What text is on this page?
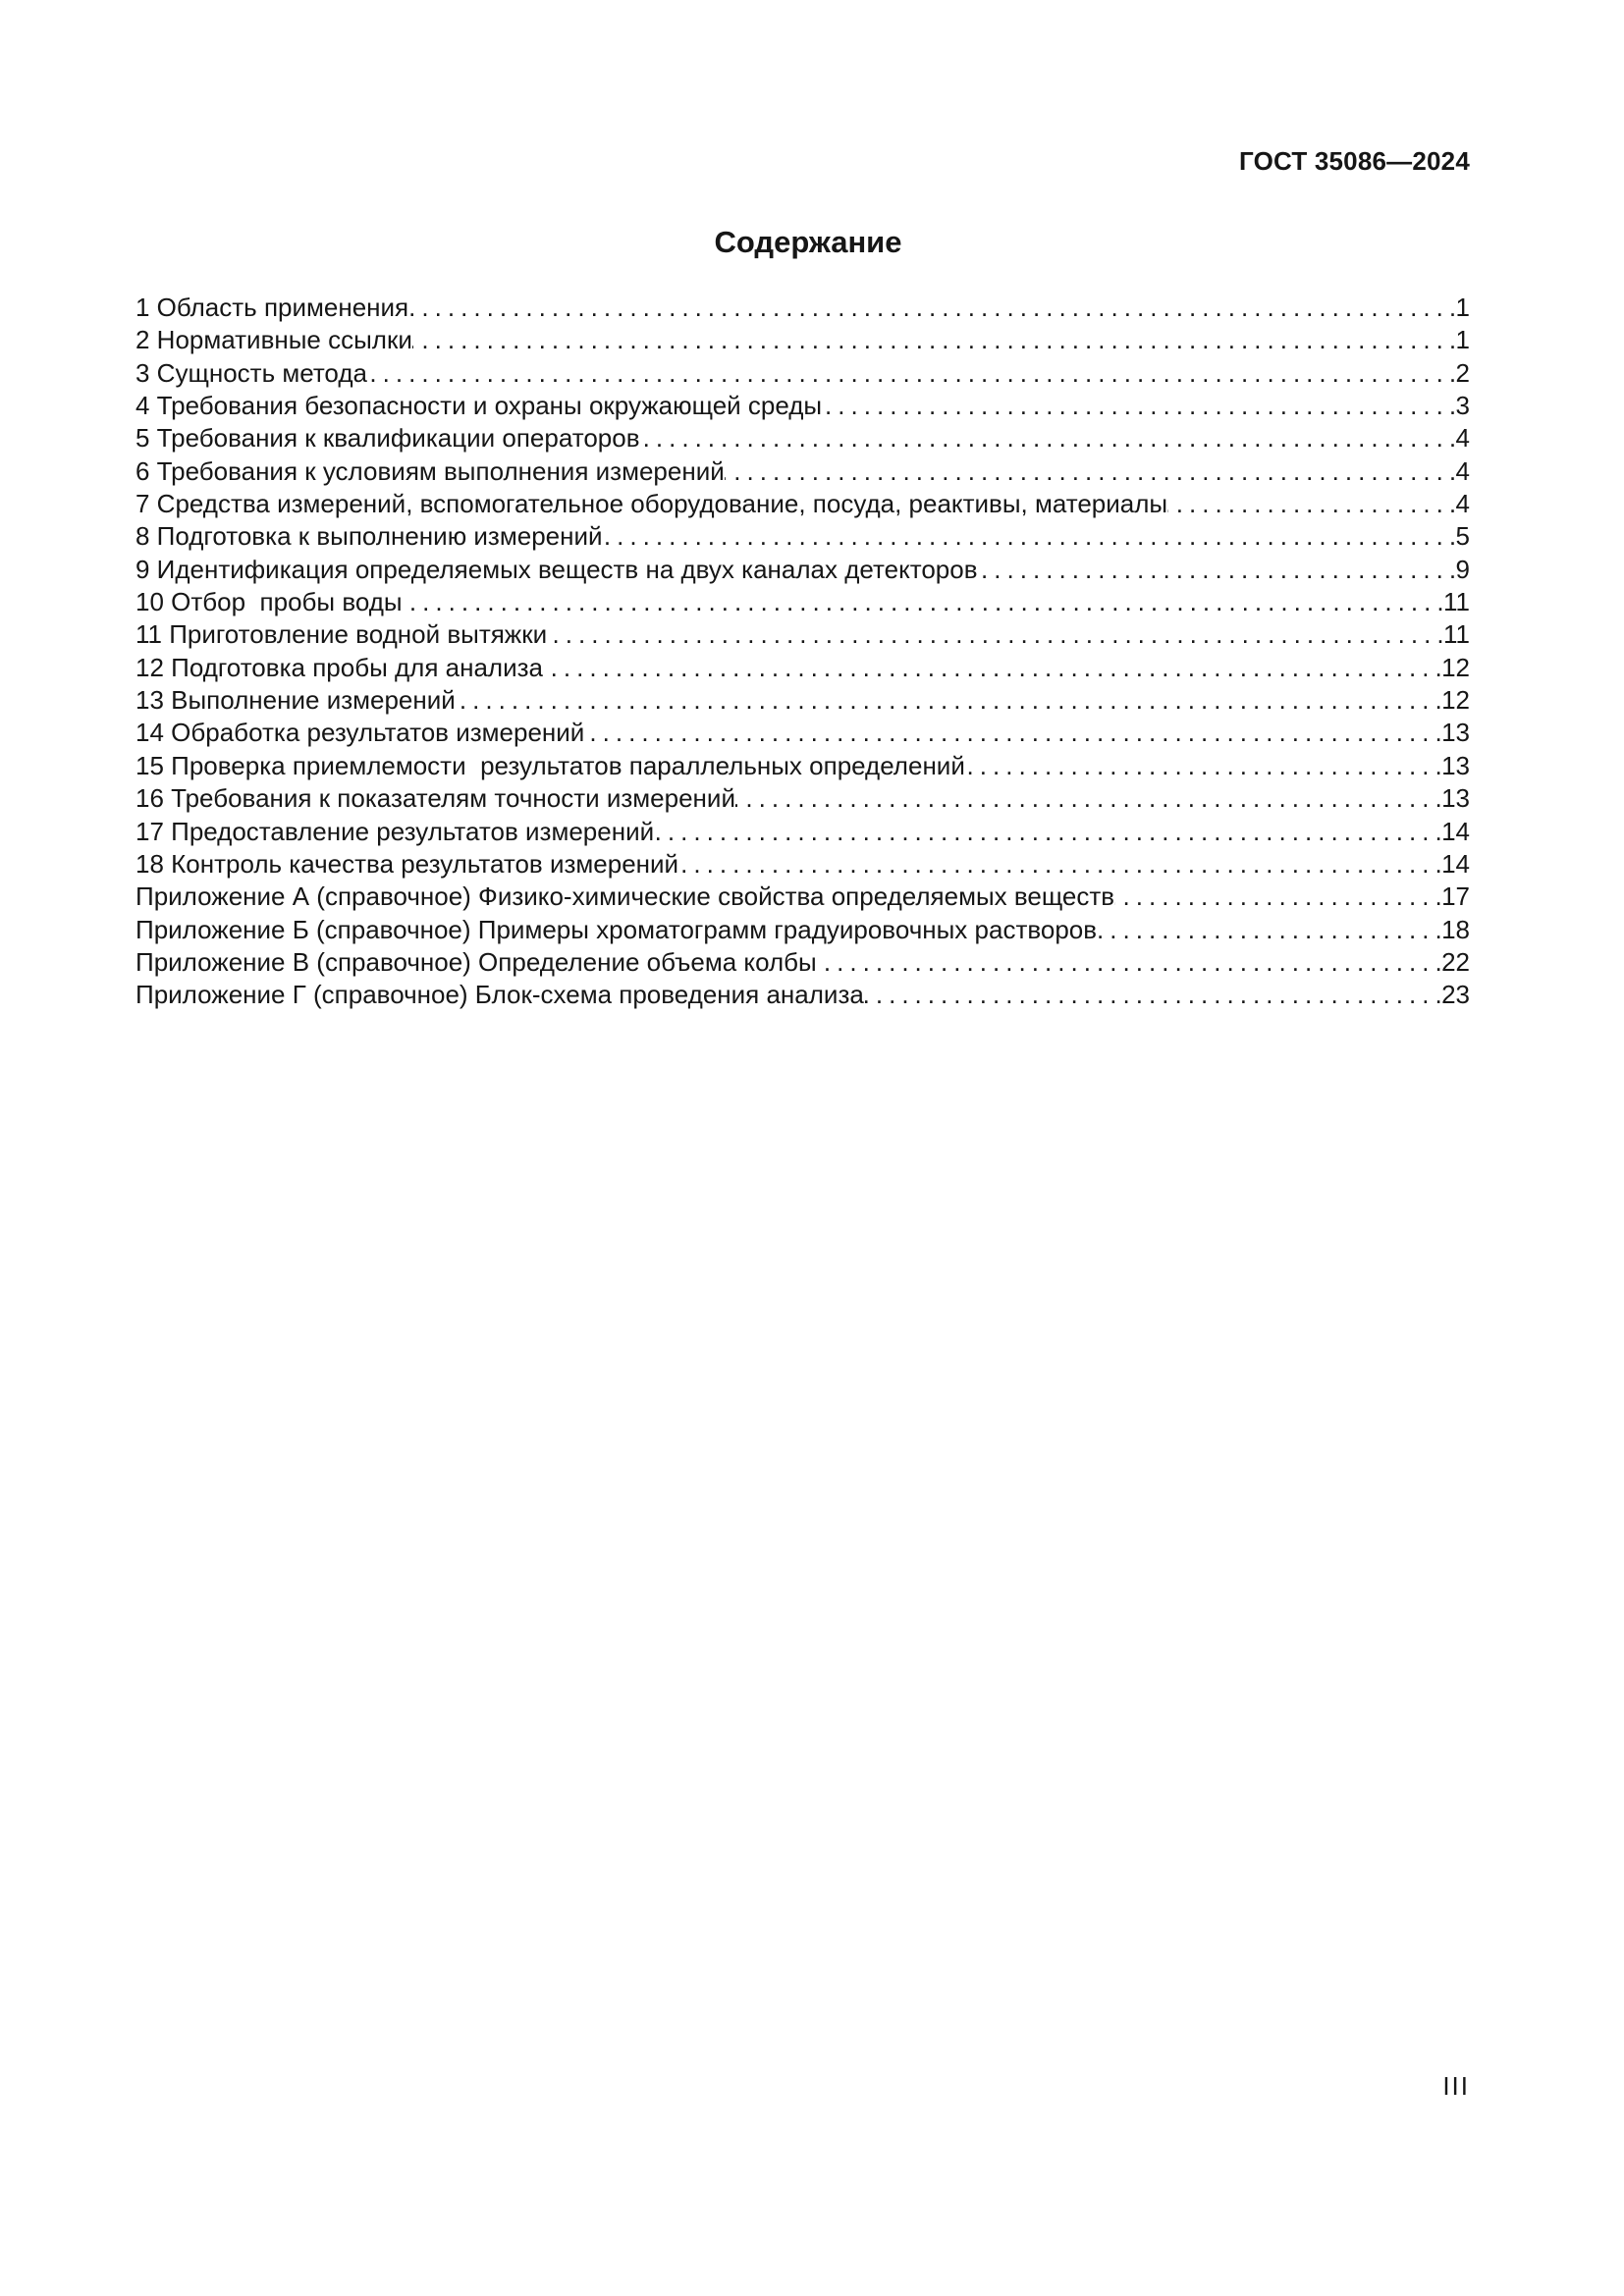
ГОСТ 35086—2024
Содержание
1 Область применения . . .	1
2 Нормативные ссылки . . .	1
3 Сущность метода . . .	2
4 Требования безопасности и охраны окружающей среды . . .	3
5 Требования к квалификации операторов . . .	4
6 Требования к условиям выполнения измерений . . .	4
7 Средства измерений, вспомогательное оборудование, посуда, реактивы, материалы . . .	4
8 Подготовка к выполнению измерений . . .	5
9 Идентификация определяемых веществ на двух каналах детекторов . . .	9
10 Отбор  пробы воды . . .	11
11 Приготовление водной вытяжки . . .	11
12 Подготовка пробы для анализа . . .	12
13 Выполнение измерений . . .	12
14 Обработка результатов измерений . . .	13
15 Проверка приемлемости  результатов параллельных определений . . .	13
16 Требования к показателям точности измерений . . .	13
17 Предоставление результатов измерений . . .	14
18 Контроль качества результатов измерений . . .	14
Приложение А (справочное) Физико-химические свойства определяемых веществ . . .	17
Приложение Б (справочное) Примеры хроматограмм градуировочных растворов . . .	18
Приложение В (справочное) Определение объема колбы . . .	22
Приложение Г (справочное) Блок-схема проведения анализа . . .	23
III
